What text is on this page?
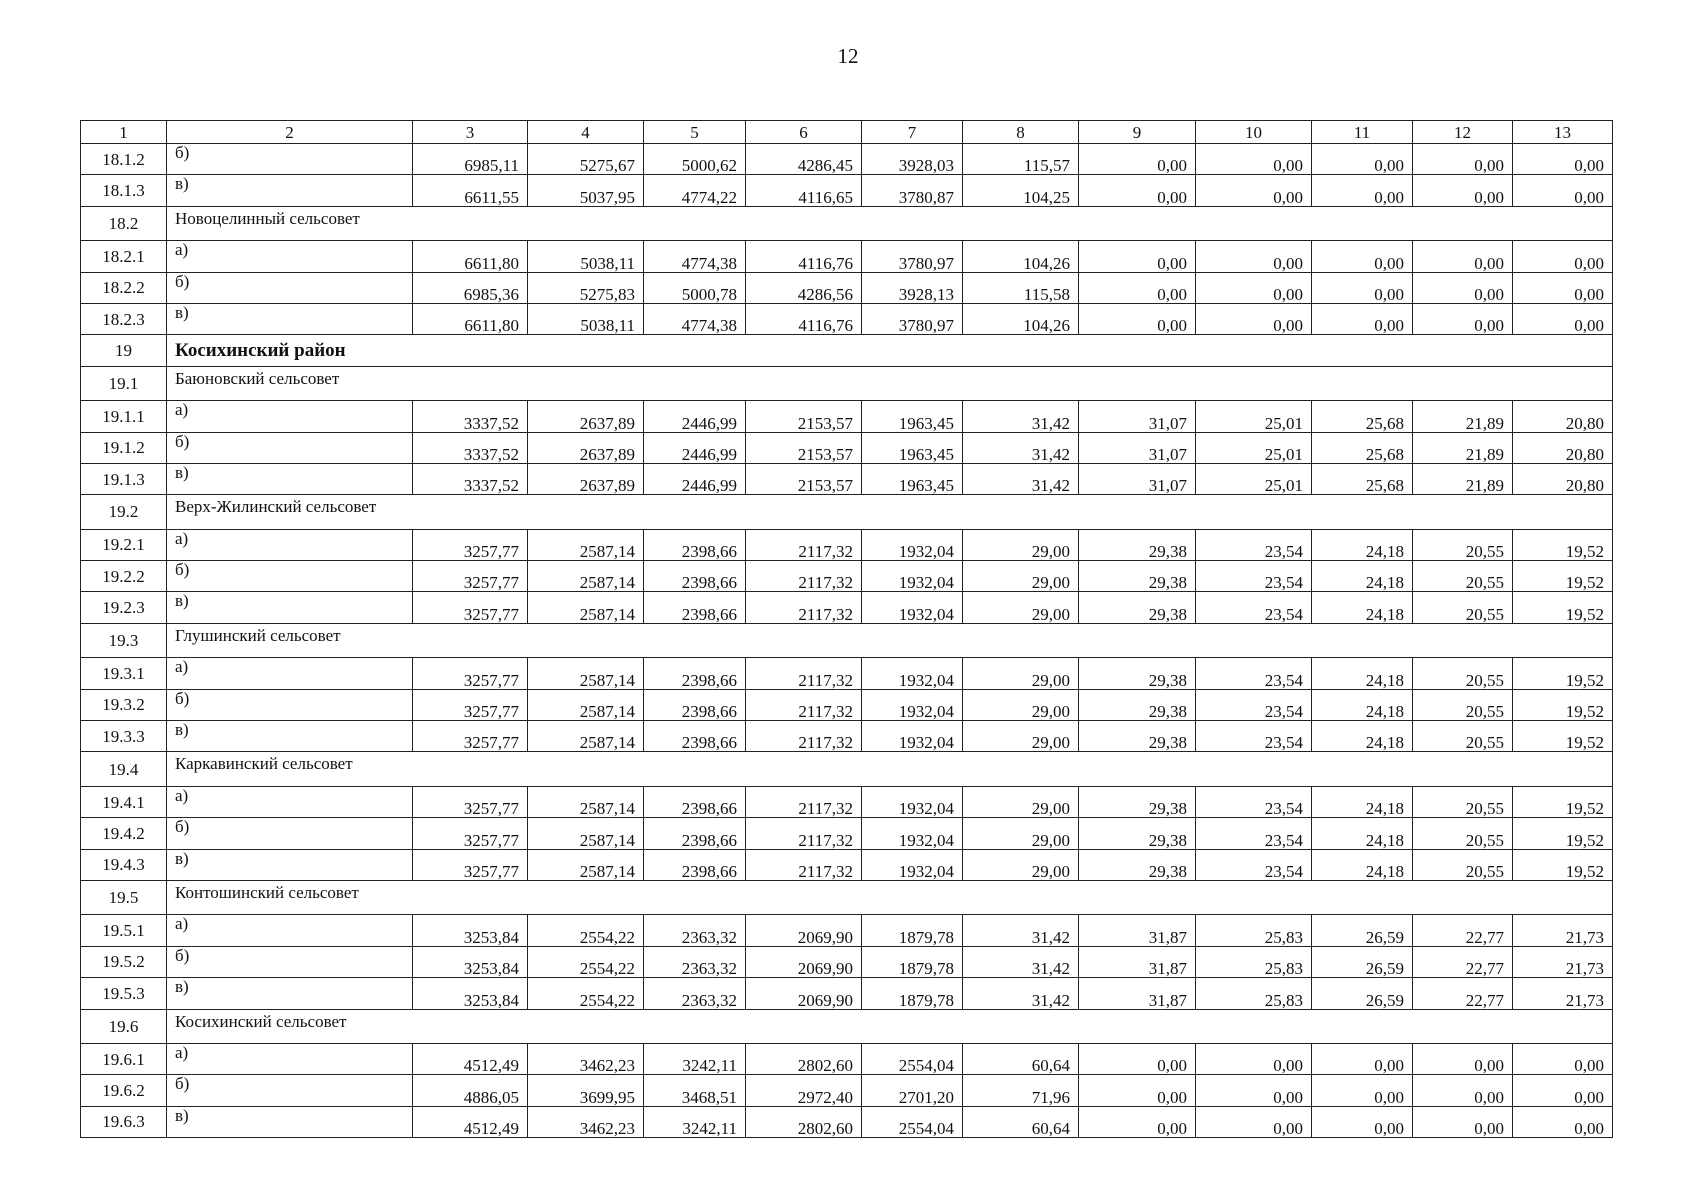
12
1	2	3	4	5	6	7	8	9	10	11	12	13
18.1.2	б)	6985,11	5275,67	5000,62	4286,45	3928,03	115,57	0,00	0,00	0,00	0,00	0,00
18.1.3	в)	6611,55	5037,95	4774,22	4116,65	3780,87	104,25	0,00	0,00	0,00	0,00	0,00
18.2	Новоцелинный сельсовет											
18.2.1	а)	6611,80	5038,11	4774,38	4116,76	3780,97	104,26	0,00	0,00	0,00	0,00	0,00
18.2.2	б)	6985,36	5275,83	5000,78	4286,56	3928,13	115,58	0,00	0,00	0,00	0,00	0,00
18.2.3	в)	6611,80	5038,11	4774,38	4116,76	3780,97	104,26	0,00	0,00	0,00	0,00	0,00
19	Косихинский район											
19.1	Баюновский сельсовет											
19.1.1	а)	3337,52	2637,89	2446,99	2153,57	1963,45	31,42	31,07	25,01	25,68	21,89	20,80
19.1.2	б)	3337,52	2637,89	2446,99	2153,57	1963,45	31,42	31,07	25,01	25,68	21,89	20,80
19.1.3	в)	3337,52	2637,89	2446,99	2153,57	1963,45	31,42	31,07	25,01	25,68	21,89	20,80
19.2	Верх-Жилинский сельсовет											
19.2.1	а)	3257,77	2587,14	2398,66	2117,32	1932,04	29,00	29,38	23,54	24,18	20,55	19,52
19.2.2	б)	3257,77	2587,14	2398,66	2117,32	1932,04	29,00	29,38	23,54	24,18	20,55	19,52
19.2.3	в)	3257,77	2587,14	2398,66	2117,32	1932,04	29,00	29,38	23,54	24,18	20,55	19,52
19.3	Глушинский сельсовет											
19.3.1	а)	3257,77	2587,14	2398,66	2117,32	1932,04	29,00	29,38	23,54	24,18	20,55	19,52
19.3.2	б)	3257,77	2587,14	2398,66	2117,32	1932,04	29,00	29,38	23,54	24,18	20,55	19,52
19.3.3	в)	3257,77	2587,14	2398,66	2117,32	1932,04	29,00	29,38	23,54	24,18	20,55	19,52
19.4	Каркавинский сельсовет											
19.4.1	а)	3257,77	2587,14	2398,66	2117,32	1932,04	29,00	29,38	23,54	24,18	20,55	19,52
19.4.2	б)	3257,77	2587,14	2398,66	2117,32	1932,04	29,00	29,38	23,54	24,18	20,55	19,52
19.4.3	в)	3257,77	2587,14	2398,66	2117,32	1932,04	29,00	29,38	23,54	24,18	20,55	19,52
19.5	Контошинский сельсовет											
19.5.1	а)	3253,84	2554,22	2363,32	2069,90	1879,78	31,42	31,87	25,83	26,59	22,77	21,73
19.5.2	б)	3253,84	2554,22	2363,32	2069,90	1879,78	31,42	31,87	25,83	26,59	22,77	21,73
19.5.3	в)	3253,84	2554,22	2363,32	2069,90	1879,78	31,42	31,87	25,83	26,59	22,77	21,73
19.6	Косихинский сельсовет											
19.6.1	а)	4512,49	3462,23	3242,11	2802,60	2554,04	60,64	0,00	0,00	0,00	0,00	0,00
19.6.2	б)	4886,05	3699,95	3468,51	2972,40	2701,20	71,96	0,00	0,00	0,00	0,00	0,00
19.6.3	в)	4512,49	3462,23	3242,11	2802,60	2554,04	60,64	0,00	0,00	0,00	0,00	0,00
